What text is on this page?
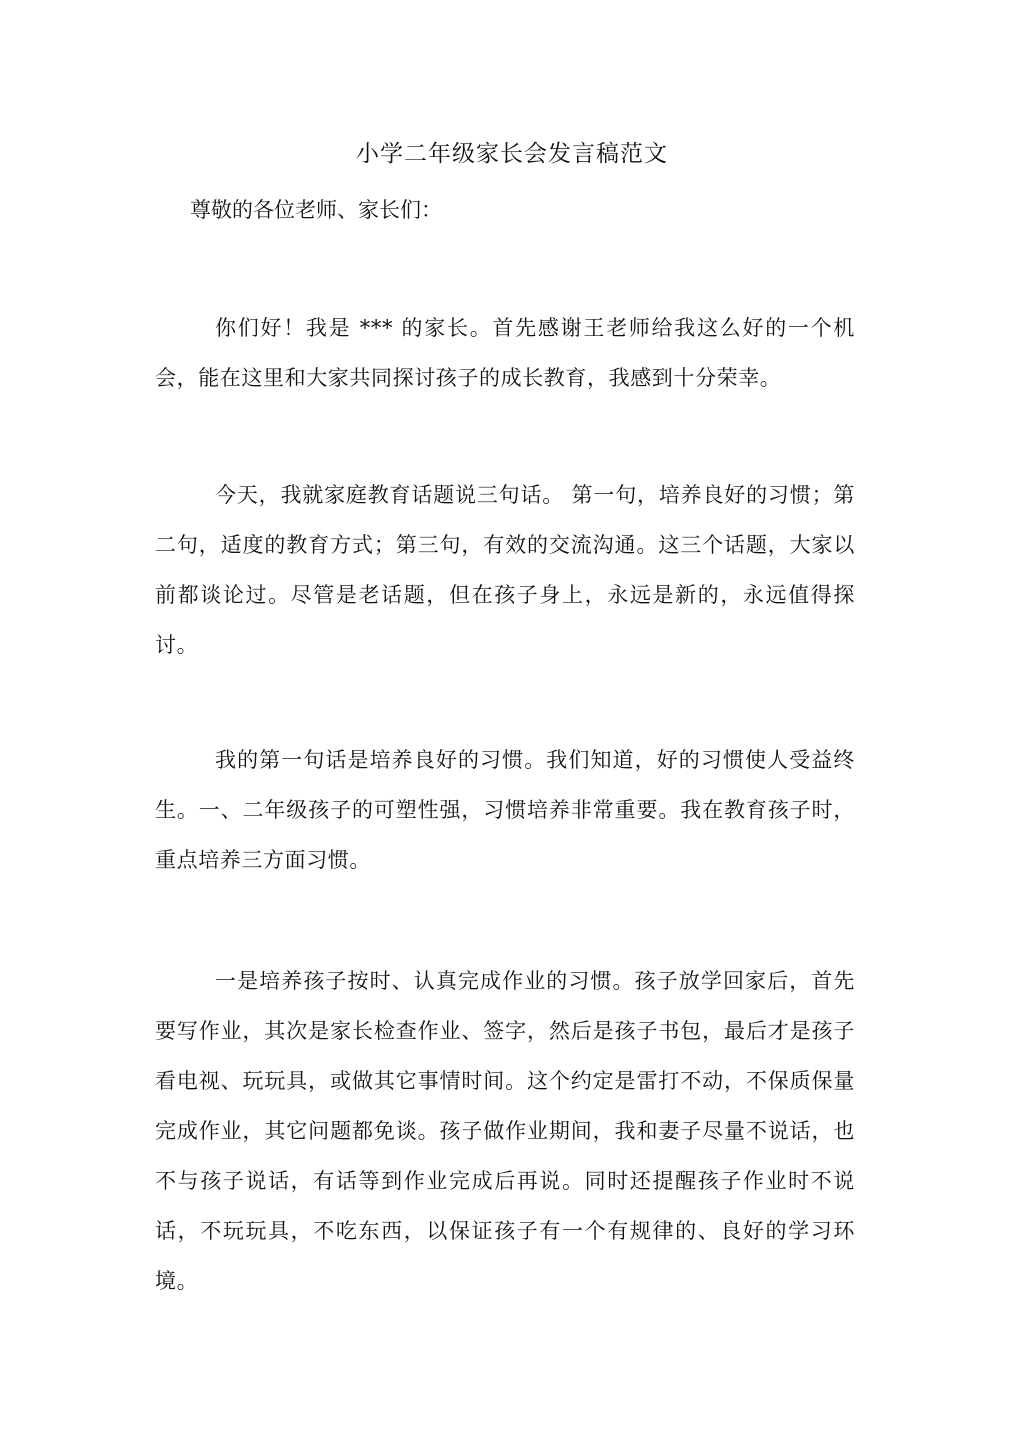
小学二年级家长会发言稿范文

尊敬的各位老师、家长们：

你们好！我是 *** 的家长。首先感谢王老师给我这么好的一个机会，能在这里和大家共同探讨孩子的成长教育，我感到十分荣幸。

今天，我就家庭教育话题说三句话。 第一句，培养良好的习惯；第二句，适度的教育方式；第三句，有效的交流沟通。这三个话题，大家以前都谈论过。尽管是老话题，但在孩子身上，永远是新的，永远值得探讨。

我的第一句话是培养良好的习惯。我们知道，好的习惯使人受益终生。一、二年级孩子的可塑性强，习惯培养非常重要。我在教育孩子时，重点培养三方面习惯。

一是培养孩子按时、认真完成作业的习惯。孩子放学回家后，首先要写作业，其次是家长检查作业、签字，然后是孩子书包，最后才是孩子看电视、玩玩具，或做其它事情时间。这个约定是雷打不动，不保质保量完成作业，其它问题都免谈。孩子做作业期间，我和妻子尽量不说话，也不与孩子说话，有话等到作业完成后再说。同时还提醒孩子作业时不说话，不玩玩具，不吃东西，以保证孩子有一个有规律的、良好的学习环境。
